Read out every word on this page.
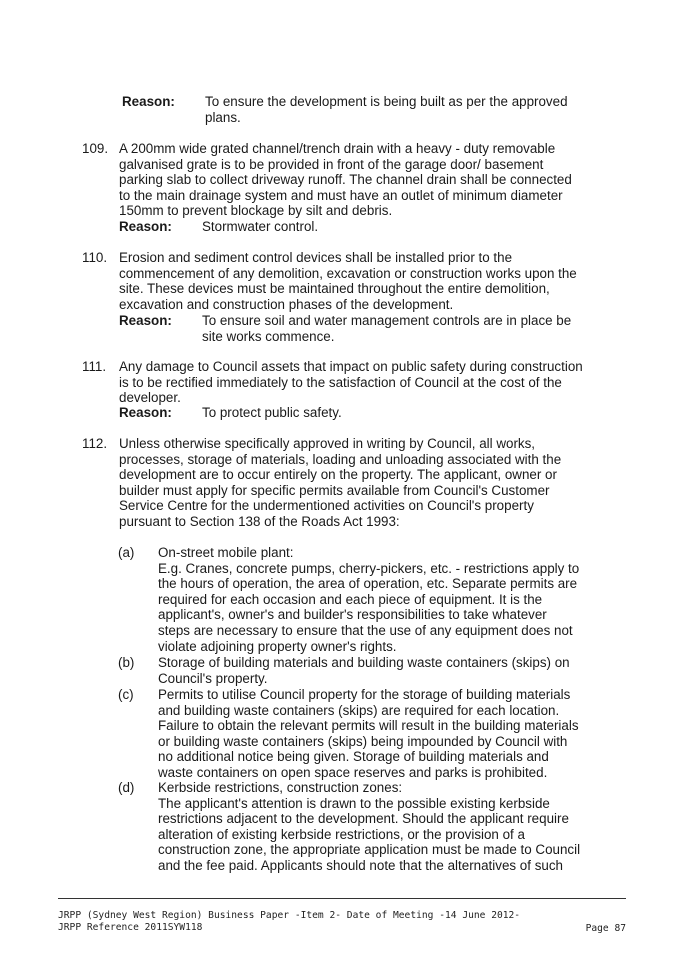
Reason: To ensure the development is being built as per the approved
plans.
109. A 200mm wide grated channel/trench drain with a heavy - duty removable
galvanised grate is to be provided in front of the garage door/ basement
parking slab to collect driveway runoff. The channel drain shall be connected
to the main drainage system and must have an outlet of minimum diameter
150mm to prevent blockage by silt and debris.
Reason: Stormwater control.
110. Erosion and sediment control devices shall be installed prior to the
commencement of any demolition, excavation or construction works upon the
site. These devices must be maintained throughout the entire demolition,
excavation and construction phases of the development.
Reason: To ensure soil and water management controls are in place be
site works commence.
111. Any damage to Council assets that impact on public safety during construction
is to be rectified immediately to the satisfaction of Council at the cost of the
developer.
Reason: To protect public safety.
112. Unless otherwise specifically approved in writing by Council, all works,
processes, storage of materials, loading and unloading associated with the
development are to occur entirely on the property. The applicant, owner or
builder must apply for specific permits available from Council's Customer
Service Centre for the undermentioned activities on Council's property
pursuant to Section 138 of the Roads Act 1993:
(a) On-street mobile plant:
E.g. Cranes, concrete pumps, cherry-pickers, etc. - restrictions apply to
the hours of operation, the area of operation, etc. Separate permits are
required for each occasion and each piece of equipment. It is the
applicant's, owner's and builder's responsibilities to take whatever
steps are necessary to ensure that the use of any equipment does not
violate adjoining property owner's rights.
(b) Storage of building materials and building waste containers (skips) on
Council's property.
(c) Permits to utilise Council property for the storage of building materials
and building waste containers (skips) are required for each location.
Failure to obtain the relevant permits will result in the building materials
or building waste containers (skips) being impounded by Council with
no additional notice being given. Storage of building materials and
waste containers on open space reserves and parks is prohibited.
(d) Kerbside restrictions, construction zones:
The applicant's attention is drawn to the possible existing kerbside
restrictions adjacent to the development. Should the applicant require
alteration of existing kerbside restrictions, or the provision of a
construction zone, the appropriate application must be made to Council
and the fee paid. Applicants should note that the alternatives of such
JRPP (Sydney West Region) Business Paper -Item 2- Date of Meeting -14 June 2012-
JRPP Reference 2011SYW118	Page 87
